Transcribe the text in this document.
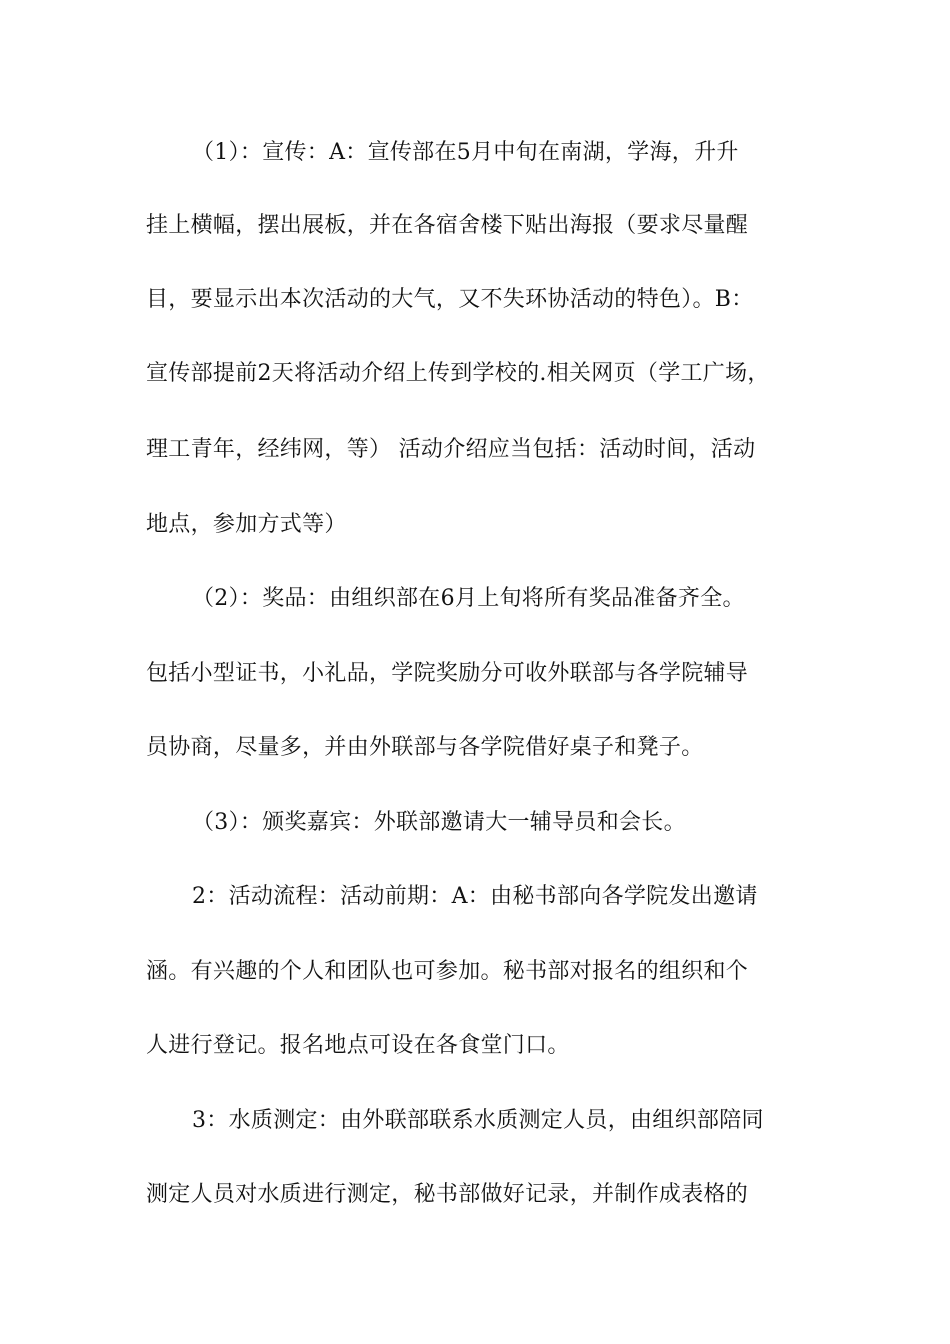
（1）：宣传：A：宣传部在5月中旬在南湖，学海，升升
挂上横幅，摆出展板，并在各宿舍楼下贴出海报（要求尽量醒
目，要显示出本次活动的大气，又不失环协活动的特色）。B：
宣传部提前2天将活动介绍上传到学校的.相关网页（学工广场，
理工青年，经纬网，等） 活动介绍应当包括：活动时间，活动
地点，参加方式等）
（2）：奖品：由组织部在6月上旬将所有奖品准备齐全。
包括小型证书，小礼品，学院奖励分可收外联部与各学院辅导
员协商，尽量多，并由外联部与各学院借好桌子和凳子。
（3）：颁奖嘉宾：外联部邀请大一辅导员和会长。
2：活动流程：活动前期：A：由秘书部向各学院发出邀请
涵。有兴趣的个人和团队也可参加。秘书部对报名的组织和个
人进行登记。报名地点可设在各食堂门口。
3：水质测定：由外联部联系水质测定人员，由组织部陪同
测定人员对水质进行测定，秘书部做好记录，并制作成表格的
